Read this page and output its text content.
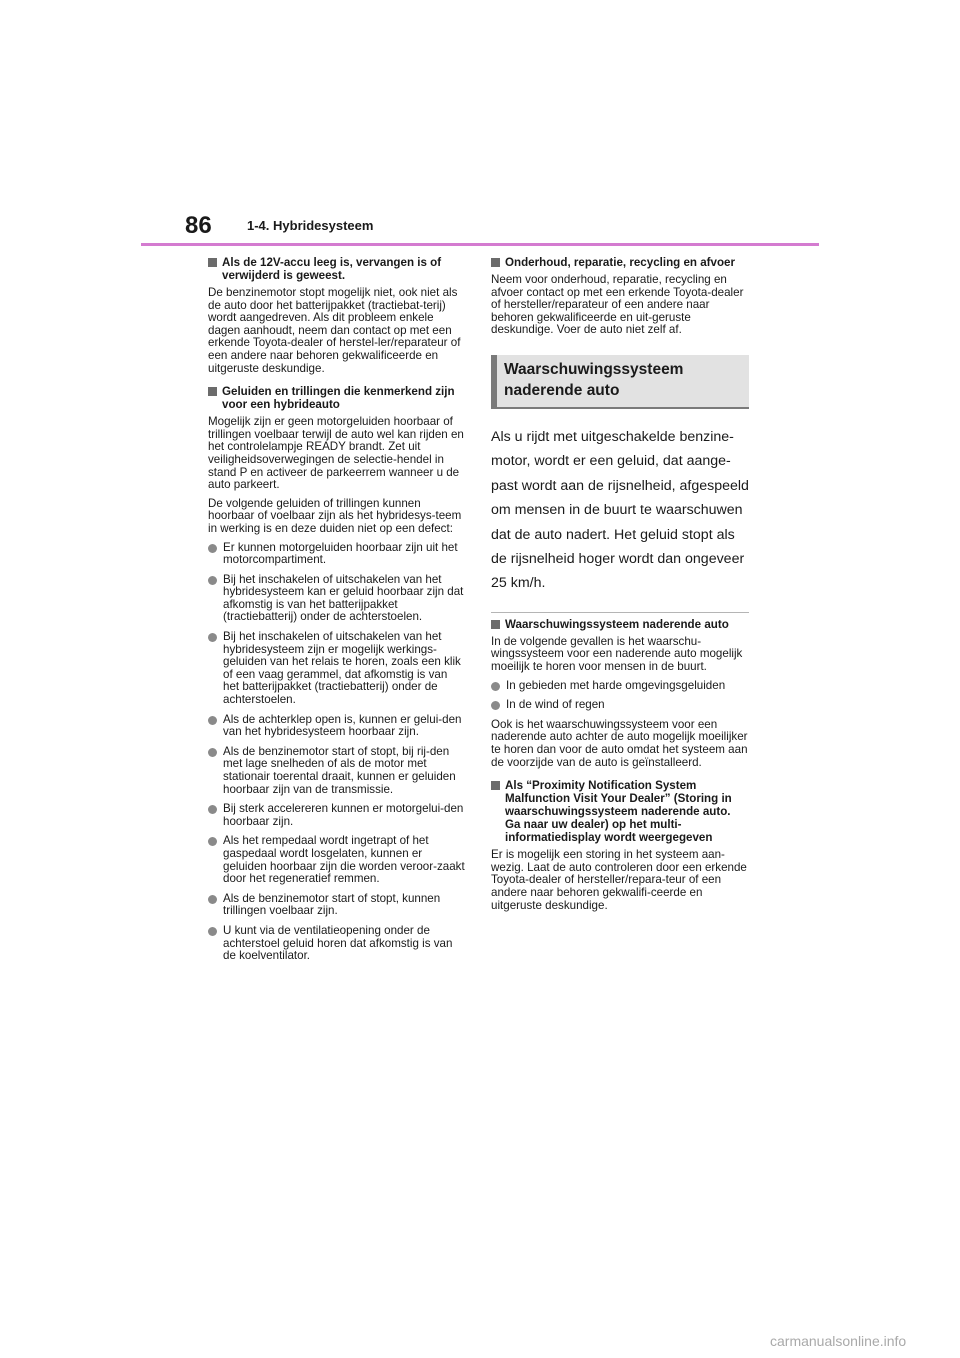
86	1-4. Hybridesysteem
Als de 12V-accu leeg is, vervangen is of verwijderd is geweest.

De benzinemotor stopt mogelijk niet, ook niet als de auto door het batterijpakket (tractiebat-terij) wordt aangedreven. Als dit probleem enkele dagen aanhoudt, neem dan contact op met een erkende Toyota-dealer of herstel-ler/reparateur of een andere naar behoren gekwalificeerde en uitgeruste deskundige.

Geluiden en trillingen die kenmerkend zijn voor een hybrideauto

Mogelijk zijn er geen motorgeluiden hoorbaar of trillingen voelbaar terwijl de auto wel kan rijden en het controlelampje READY brandt. Zet uit veiligheidsoverwegingen de selectie-hendel in stand P en activeer de parkeerrem wanneer u de auto parkeert.

De volgende geluiden of trillingen kunnen hoorbaar of voelbaar zijn als het hybridesys-teem in werking is en deze duiden niet op een defect:

Er kunnen motorgeluiden hoorbaar zijn uit het motorcompartiment.
Bij het inschakelen of uitschakelen van het hybridesysteem kan er geluid hoorbaar zijn dat afkomstig is van het batterijpakket (tractiebatterij) onder de achterstoelen.
Bij het inschakelen of uitschakelen van het hybridesysteem zijn er mogelijk werkings-geluiden van het relais te horen, zoals een klik of een vaag gerammel, dat afkomstig is van het batterijpakket (tractiebatterij) onder de achterstoelen.
Als de achterklep open is, kunnen er gelui-den van het hybridesysteem hoorbaar zijn.
Als de benzinemotor start of stopt, bij rij-den met lage snelheden of als de motor met stationair toerental draait, kunnen er geluiden hoorbaar zijn van de transmissie.
Bij sterk accelereren kunnen er motorgelui-den hoorbaar zijn.
Als het rempedaal wordt ingetrapt of het gaspedaal wordt losgelaten, kunnen er geluiden hoorbaar zijn die worden veroor-zaakt door het regeneratief remmen.
Als de benzinemotor start of stopt, kunnen trillingen voelbaar zijn.
U kunt via de ventilatieopening onder de achterstoel geluid horen dat afkomstig is van de koelventilator.
Onderhoud, reparatie, recycling en afvoer

Neem voor onderhoud, reparatie, recycling en afvoer contact op met een erkende Toyota-dealer of hersteller/reparateur of een andere naar behoren gekwalificeerde en uit-geruste deskundige. Voer de auto niet zelf af.

Waarschuwingssysteem naderende auto

Als u rijdt met uitgeschakelde benzine-motor, wordt er een geluid, dat aange-past wordt aan de rijsnelheid, afgespeeld om mensen in de buurt te waarschuwen dat de auto nadert. Het geluid stopt als de rijsnelheid hoger wordt dan ongeveer 25 km/h.

Waarschuwingssysteem naderende auto

In de volgende gevallen is het waarschu-wingssysteem voor een naderende auto mogelijk moeilijk te horen voor mensen in de buurt.

In gebieden met harde omgevingsgeluiden
In de wind of regen

Ook is het waarschuwingssysteem voor een naderende auto achter de auto mogelijk moeilijker te horen dan voor de auto omdat het systeem aan de voorzijde van de auto is geïnstalleerd.

Als “Proximity Notification System Malfunction Visit Your Dealer” (Storing in waarschuwingssysteem naderende auto. Ga naar uw dealer) op het multi-informatiedisplay wordt weergegeven

Er is mogelijk een storing in het systeem aan-wezig. Laat de auto controleren door een erkende Toyota-dealer of hersteller/repara-teur of een andere naar behoren gekwalifi-ceerde en uitgeruste deskundige.

carmanualsonline.info
